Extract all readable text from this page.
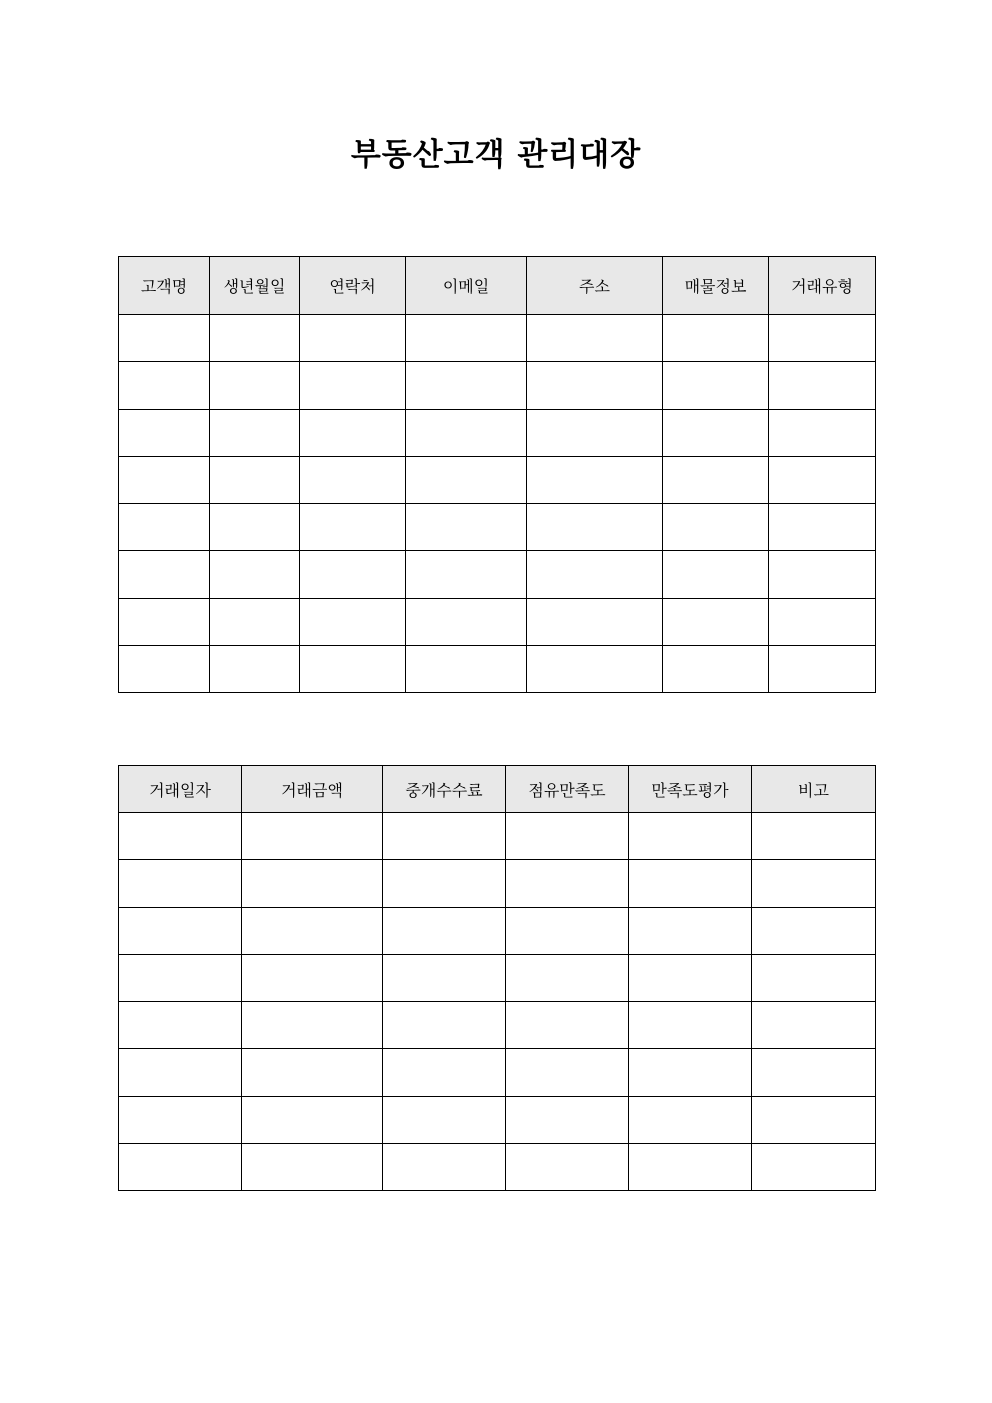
부동산고객 관리대장
고객명	생년월일	연락처	이메일	주소	매물정보	거래유형

거래일자	거래금액	중개수수료	점유만족도	만족도평가	비고
